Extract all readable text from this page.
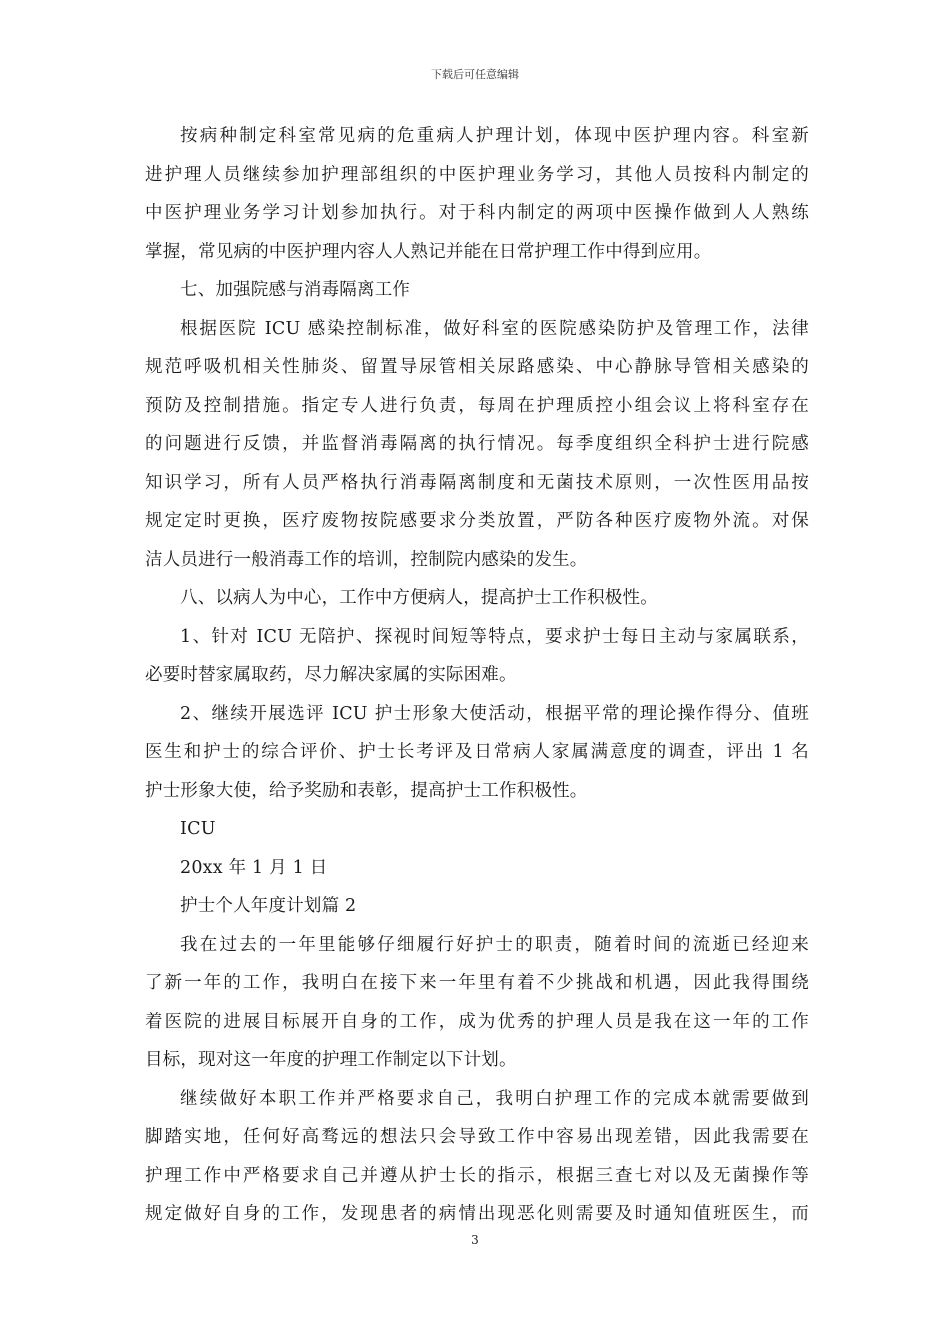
下载后可任意编辑
按病种制定科室常见病的危重病人护理计划，体现中医护理内容。科室新
进护理人员继续参加护理部组织的中医护理业务学习，其他人员按科内制定的
中医护理业务学习计划参加执行。对于科内制定的两项中医操作做到人人熟练
掌握，常见病的中医护理内容人人熟记并能在日常护理工作中得到应用。
七、加强院感与消毒隔离工作
根据医院 ICU 感染控制标准，做好科室的医院感染防护及管理工作，法律
规范呼吸机相关性肺炎、留置导尿管相关尿路感染、中心静脉导管相关感染的
预防及控制措施。指定专人进行负责，每周在护理质控小组会议上将科室存在
的问题进行反馈，并监督消毒隔离的执行情况。每季度组织全科护士进行院感
知识学习，所有人员严格执行消毒隔离制度和无菌技术原则，一次性医用品按
规定定时更换，医疗废物按院感要求分类放置，严防各种医疗废物外流。对保
洁人员进行一般消毒工作的培训，控制院内感染的发生。
八、以病人为中心，工作中方便病人，提高护士工作积极性。
1、针对 ICU 无陪护、探视时间短等特点，要求护士每日主动与家属联系，
必要时替家属取药，尽力解决家属的实际困难。
2、继续开展选评 ICU 护士形象大使活动，根据平常的理论操作得分、值班
医生和护士的综合评价、护士长考评及日常病人家属满意度的调查，评出 1 名
护士形象大使，给予奖励和表彰，提高护士工作积极性。
ICU
20xx 年 1 月 1 日
护士个人年度计划篇 2
我在过去的一年里能够仔细履行好护士的职责，随着时间的流逝已经迎来
了新一年的工作，我明白在接下来一年里有着不少挑战和机遇，因此我得围绕
着医院的进展目标展开自身的工作，成为优秀的护理人员是我在这一年的工作
目标，现对这一年度的护理工作制定以下计划。
继续做好本职工作并严格要求自己，我明白护理工作的完成本就需要做到
脚踏实地，任何好高骛远的想法只会导致工作中容易出现差错，因此我需要在
护理工作中严格要求自己并遵从护士长的指示，根据三查七对以及无菌操作等
规定做好自身的工作，发现患者的病情出现恶化则需要及时通知值班医生，而
3
